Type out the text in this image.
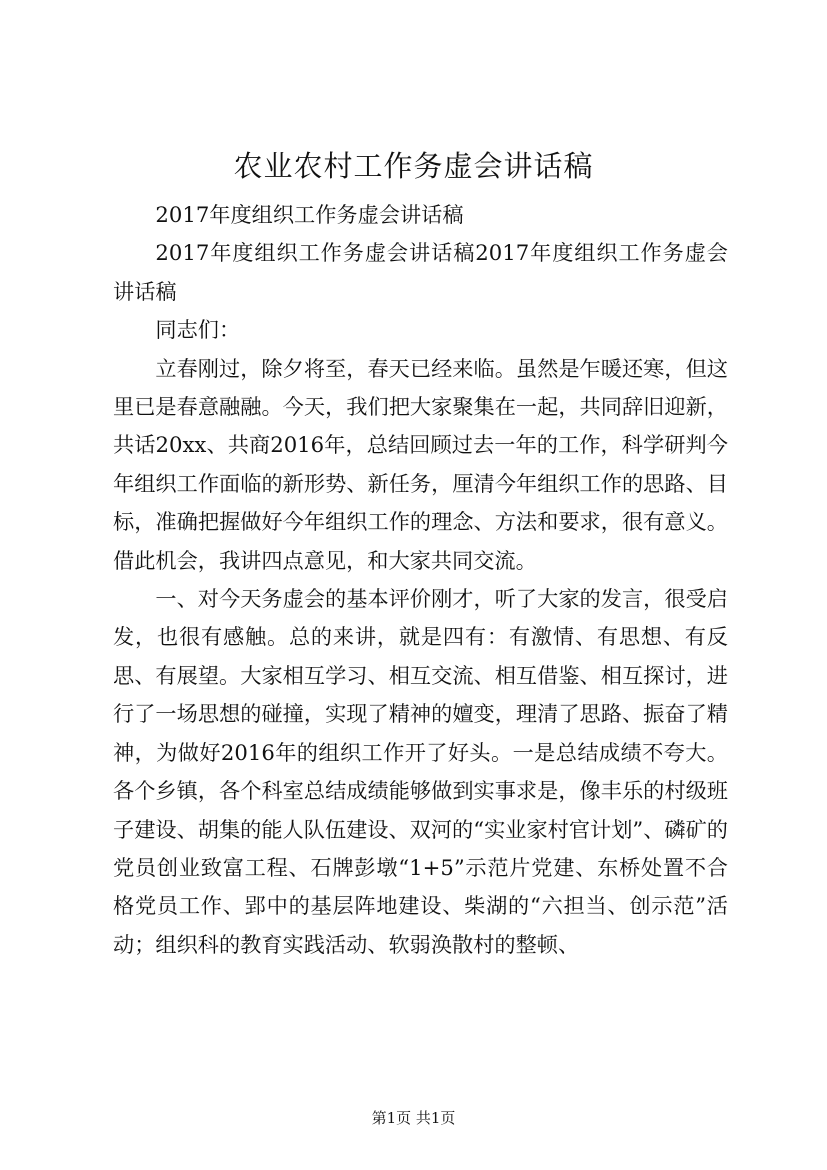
农业农村工作务虚会讲话稿

2017年度组织工作务虚会讲话稿

2017年度组织工作务虚会讲话稿2017年度组织工作务虚会讲话稿

同志们：

立春刚过，除夕将至，春天已经来临。虽然是乍暖还寒，但这里已是春意融融。今天，我们把大家聚集在一起，共同辞旧迎新，共话20xx、共商2016年，总结回顾过去一年的工作，科学研判今年组织工作面临的新形势、新任务，厘清今年组织工作的思路、目标，准确把握做好今年组织工作的理念、方法和要求，很有意义。借此机会，我讲四点意见，和大家共同交流。

一、对今天务虚会的基本评价刚才，听了大家的发言，很受启发，也很有感触。总的来讲，就是四有：有激情、有思想、有反思、有展望。大家相互学习、相互交流、相互借鉴、相互探讨，进行了一场思想的碰撞，实现了精神的嬗变，理清了思路、振奋了精神，为做好2016年的组织工作开了好头。一是总结成绩不夸大。各个乡镇，各个科室总结成绩能够做到实事求是，像丰乐的村级班子建设、胡集的能人队伍建设、双河的“实业家村官计划”、磷矿的党员创业致富工程、石牌彭墩“1+5”示范片党建、东桥处置不合格党员工作、郢中的基层阵地建设、柴湖的“六担当、创示范”活动；组织科的教育实践活动、软弱涣散村的整顿、

第1页 共1页
